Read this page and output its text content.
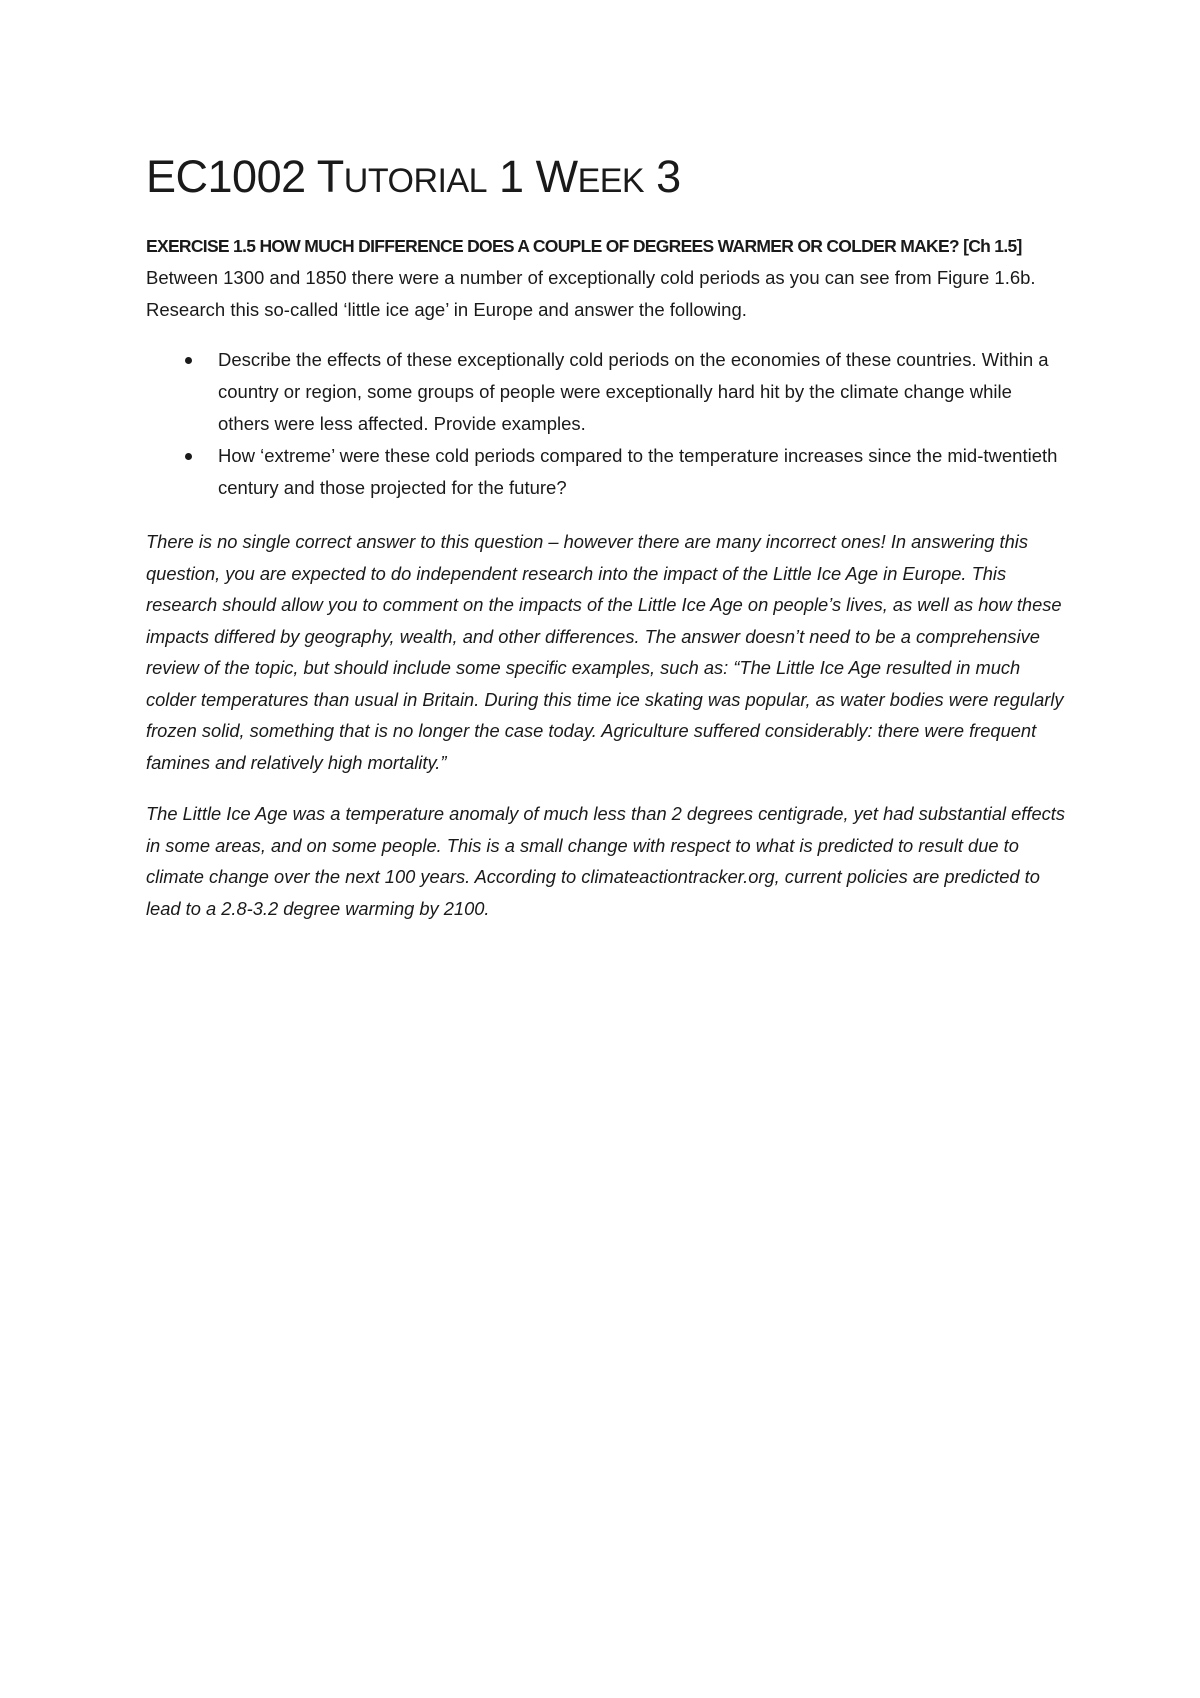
EC1002 TUTORIAL 1 WEEK 3

EXERCISE 1.5 HOW MUCH DIFFERENCE DOES A COUPLE OF DEGREES WARMER OR COLDER MAKE? [Ch 1.5]

Between 1300 and 1850 there were a number of exceptionally cold periods as you can see from Figure 1.6b. Research this so-called ‘little ice age’ in Europe and answer the following.

Describe the effects of these exceptionally cold periods on the economies of these countries. Within a country or region, some groups of people were exceptionally hard hit by the climate change while others were less affected. Provide examples.
How ‘extreme’ were these cold periods compared to the temperature increases since the mid-twentieth century and those projected for the future?

There is no single correct answer to this question – however there are many incorrect ones! In answering this question, you are expected to do independent research into the impact of the Little Ice Age in Europe. This research should allow you to comment on the impacts of the Little Ice Age on people’s lives, as well as how these impacts differed by geography, wealth, and other differences. The answer doesn’t need to be a comprehensive review of the topic, but should include some specific examples, such as: “The Little Ice Age resulted in much colder temperatures than usual in Britain. During this time ice skating was popular, as water bodies were regularly frozen solid, something that is no longer the case today. Agriculture suffered considerably: there were frequent famines and relatively high mortality.”

The Little Ice Age was a temperature anomaly of much less than 2 degrees centigrade, yet had substantial effects in some areas, and on some people. This is a small change with respect to what is predicted to result due to climate change over the next 100 years. According to climateactiontracker.org, current policies are predicted to lead to a 2.8-3.2 degree warming by 2100.
